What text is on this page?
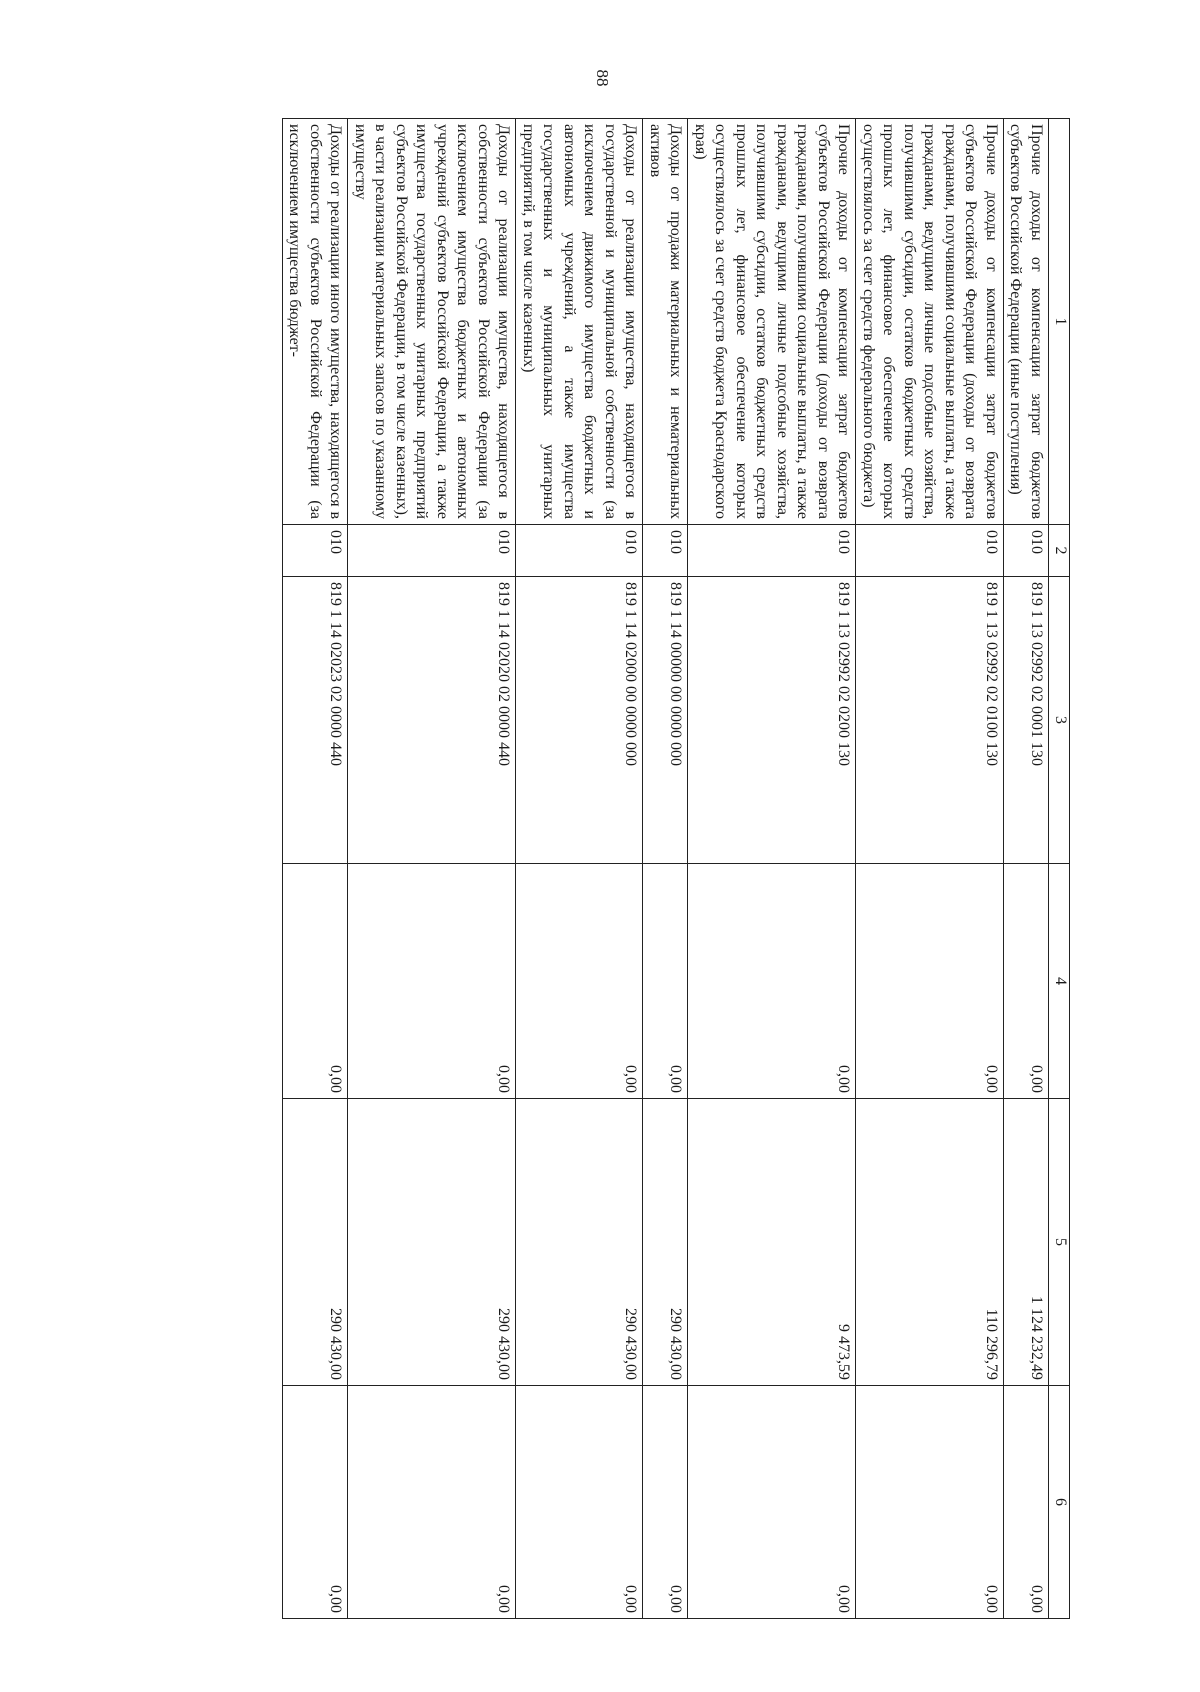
88
1	2	3	4	5	6
Прочие доходы от компенсации затрат бюджетов субъектов Российской Федерации (иные поступления)	010	819 1 13 02992 02 0001 130	0,00	1 124 232,49	0,00
Прочие доходы от компенсации затрат бюджетов субъектов Российской Федерации (доходы от возврата гражданами, получившими социальные выплаты, а также гражданами, ведущими личные подсобные хозяйства, получившими субсидии, остатков бюджетных средств прошлых лет, финансовое обеспечение которых осуществлялось за счет средств федерального бюджета)	010	819 1 13 02992 02 0100 130	0,00	110 296,79	0,00
Прочие доходы от компенсации затрат бюджетов субъектов Российской Федерации (доходы от возврата гражданами, получившими социальные выплаты, а также гражданами, ведущими личные подсобные хозяйства, получившими субсидии, остатков бюджетных средств прошлых лет, финансовое обеспечение которых осуществлялось за счет средств бюджета Краснодарского края)	010	819 1 13 02992 02 0200 130	0,00	9 473,59	0,00
Доходы от продажи материальных и нематериальных активов	010	819 1 14 00000 00 0000 000	0,00	290 430,00	0,00
Доходы от реализации имущества, находящегося в государственной и муниципальной собственности (за исключением движимого имущества бюджетных и автономных учреждений, а также имущества государственных и муниципальных унитарных предприятий, в том числе казенных)	010	819 1 14 02000 00 0000 000	0,00	290 430,00	0,00
Доходы от реализации имущества, находящегося в собственности субъектов Российской Федерации (за исключением имущества бюджетных и автономных учреждений субъектов Российской Федерации, а также имущества государственных унитарных предприятий субъектов Российской Федерации, в том числе казенных), в части реализации материальных запасов по указанному имуществу	010	819 1 14 02020 02 0000 440	0,00	290 430,00	0,00
Доходы от реализации иного имущества, находящегося в собственности субъектов Российской Федерации (за исключением имущества бюджет-	010	819 1 14 02023 02 0000 440	0,00	290 430,00	0,00
